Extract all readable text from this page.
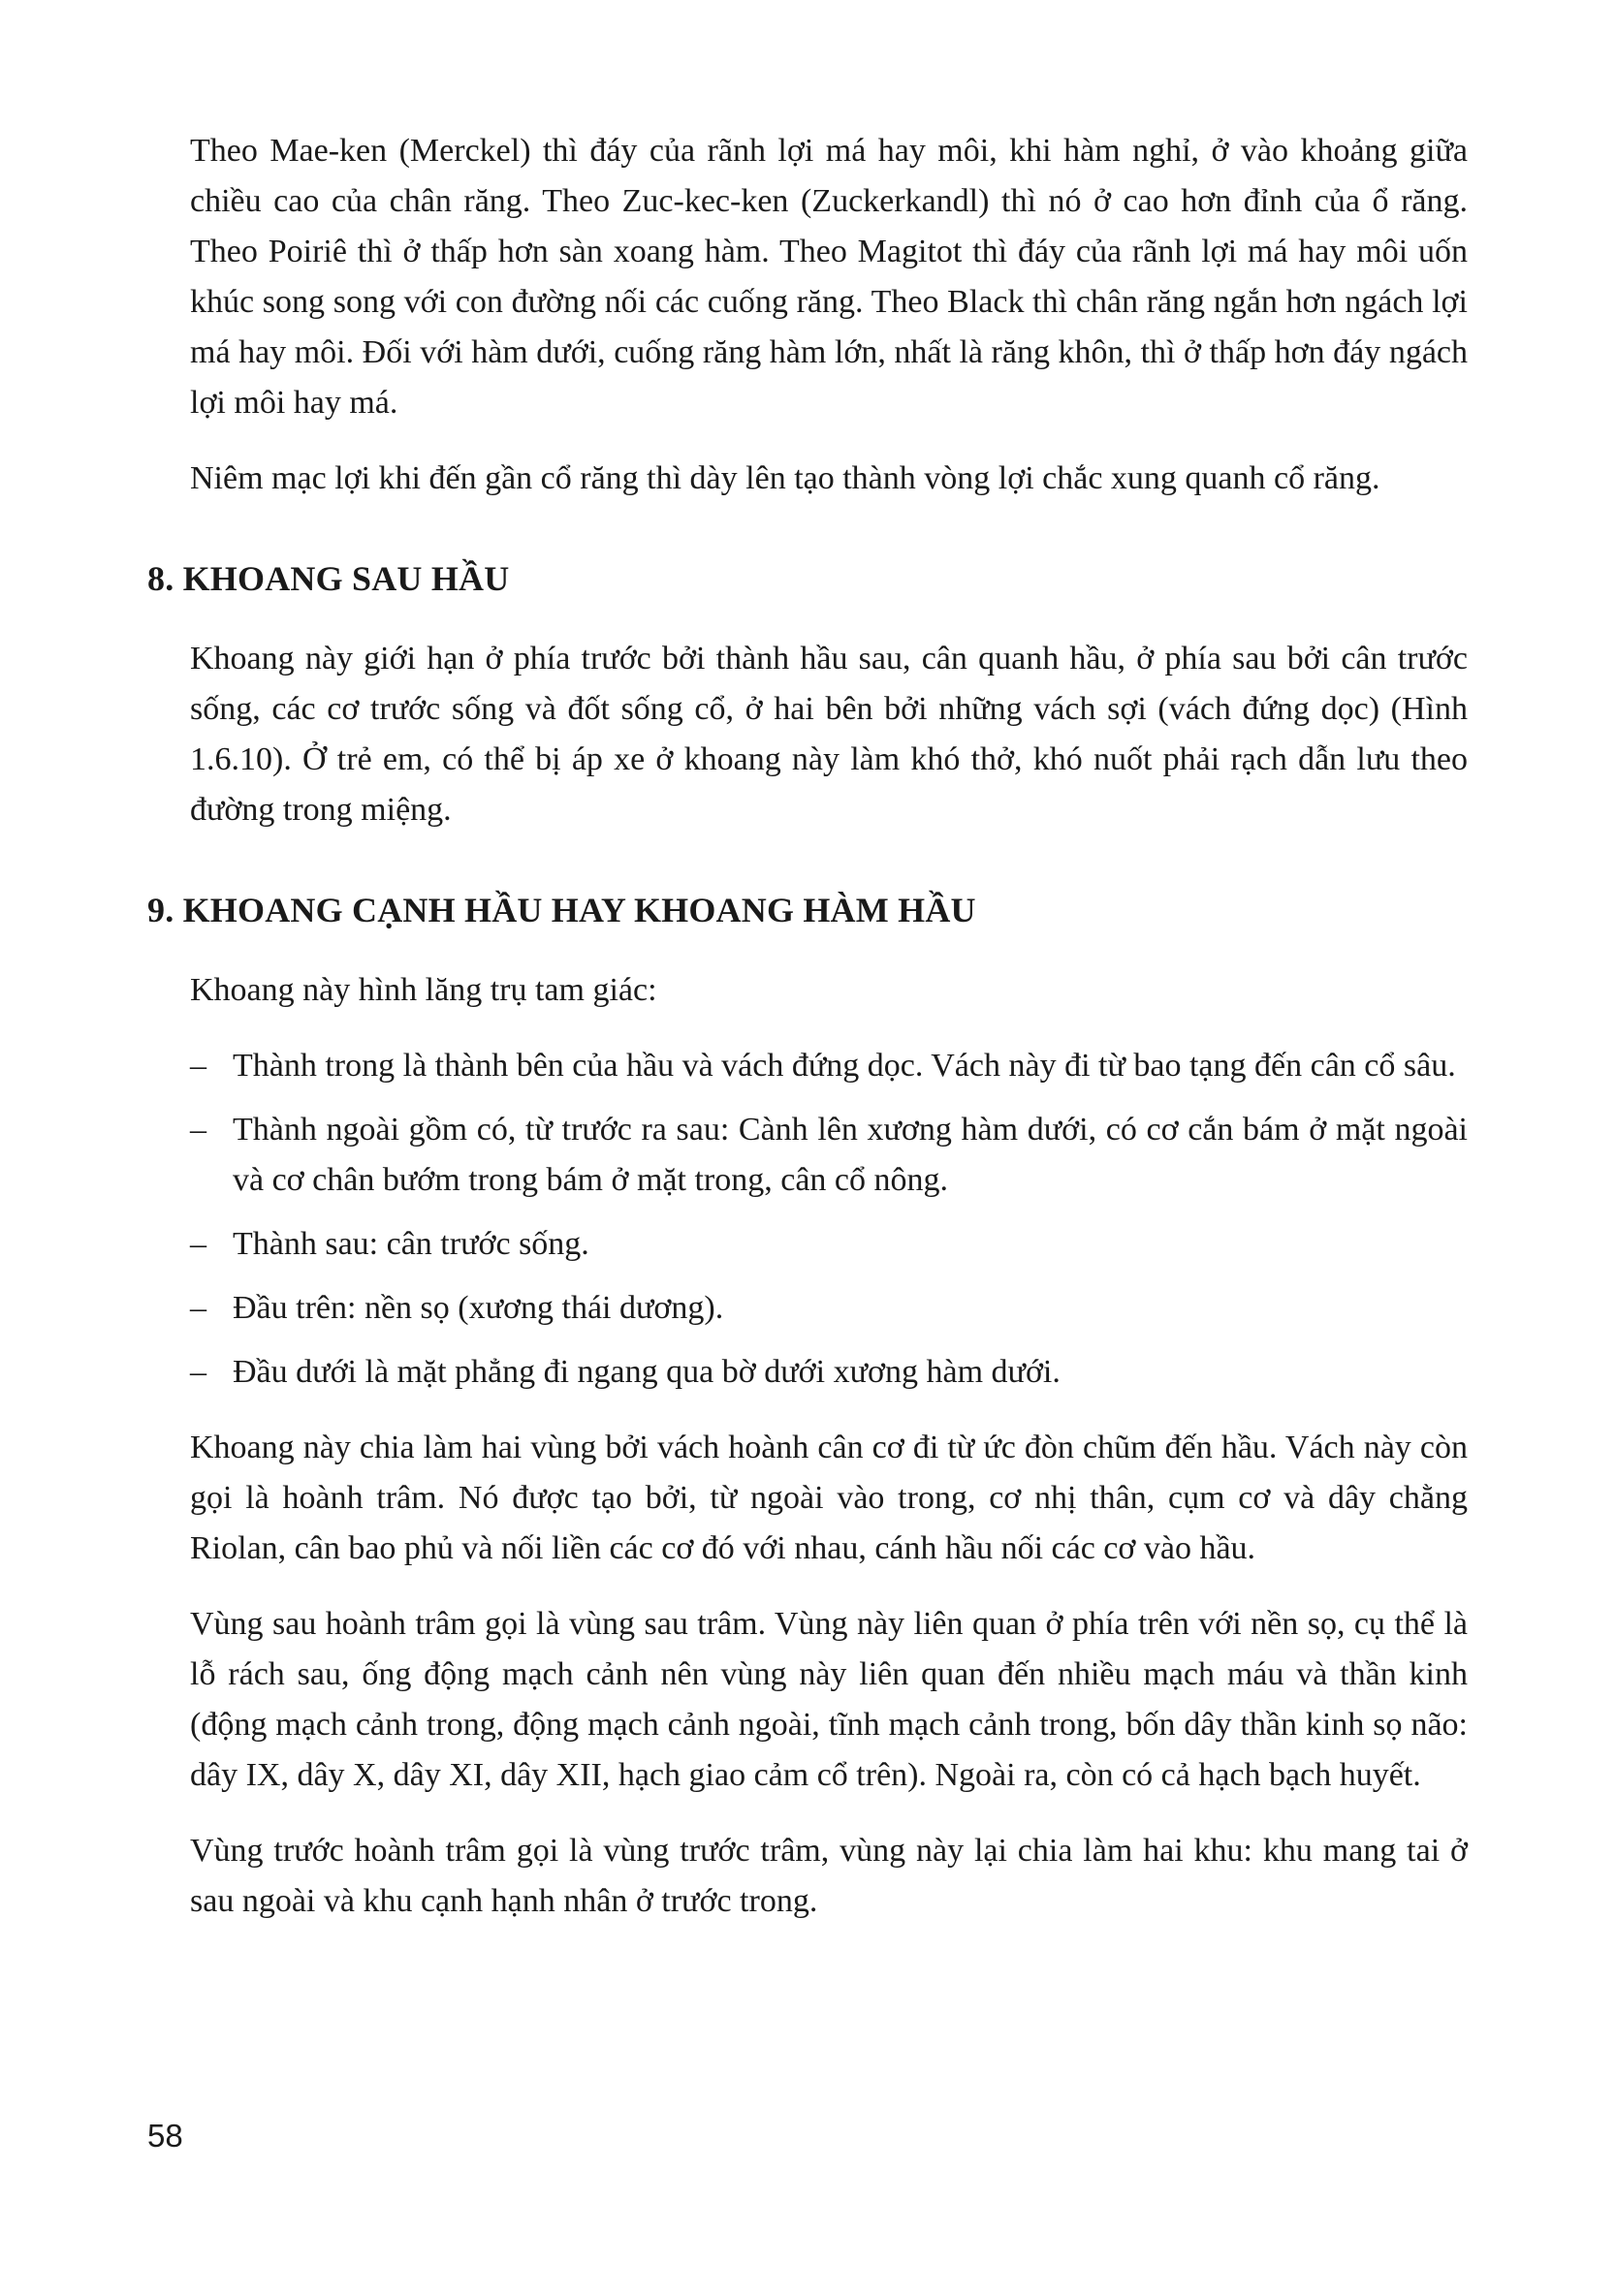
Theo Mae-ken (Merckel) thì đáy của rãnh lợi má hay môi, khi hàm nghỉ, ở vào khoảng giữa chiều cao của chân răng. Theo Zuc-kec-ken (Zuckerkandl) thì nó ở cao hơn đỉnh của ổ răng. Theo Poiriê thì ở thấp hơn sàn xoang hàm. Theo Magitot thì đáy của rãnh lợi má hay môi uốn khúc song song với con đường nối các cuống răng. Theo Black thì chân răng ngắn hơn ngách lợi má hay môi. Đối với hàm dưới, cuống răng hàm lớn, nhất là răng khôn, thì ở thấp hơn đáy ngách lợi môi hay má.

Niêm mạc lợi khi đến gần cổ răng thì dày lên tạo thành vòng lợi chắc xung quanh cổ răng.

8. KHOANG SAU HẦU

Khoang này giới hạn ở phía trước bởi thành hầu sau, cân quanh hầu, ở phía sau bởi cân trước sống, các cơ trước sống và đốt sống cổ, ở hai bên bởi những vách sợi (vách đứng dọc) (Hình 1.6.10). Ở trẻ em, có thể bị áp xe ở khoang này làm khó thở, khó nuốt phải rạch dẫn lưu theo đường trong miệng.

9. KHOANG CẠNH HẦU HAY KHOANG HÀM HẦU

Khoang này hình lăng trụ tam giác:

– Thành trong là thành bên của hầu và vách đứng dọc. Vách này đi từ bao tạng đến cân cổ sâu.
– Thành ngoài gồm có, từ trước ra sau: Cành lên xương hàm dưới, có cơ cắn bám ở mặt ngoài và cơ chân bướm trong bám ở mặt trong, cân cổ nông.
– Thành sau: cân trước sống.
– Đầu trên: nền sọ (xương thái dương).
– Đầu dưới là mặt phẳng đi ngang qua bờ dưới xương hàm dưới.

Khoang này chia làm hai vùng bởi vách hoành cân cơ đi từ ức đòn chũm đến hầu. Vách này còn gọi là hoành trâm. Nó được tạo bởi, từ ngoài vào trong, cơ nhị thân, cụm cơ và dây chằng Riolan, cân bao phủ và nối liền các cơ đó với nhau, cánh hầu nối các cơ vào hầu.

Vùng sau hoành trâm gọi là vùng sau trâm. Vùng này liên quan ở phía trên với nền sọ, cụ thể là lỗ rách sau, ống động mạch cảnh nên vùng này liên quan đến nhiều mạch máu và thần kinh (động mạch cảnh trong, động mạch cảnh ngoài, tĩnh mạch cảnh trong, bốn dây thần kinh sọ não: dây IX, dây X, dây XI, dây XII, hạch giao cảm cổ trên). Ngoài ra, còn có cả hạch bạch huyết.

Vùng trước hoành trâm gọi là vùng trước trâm, vùng này lại chia làm hai khu: khu mang tai ở sau ngoài và khu cạnh hạnh nhân ở trước trong.

58
